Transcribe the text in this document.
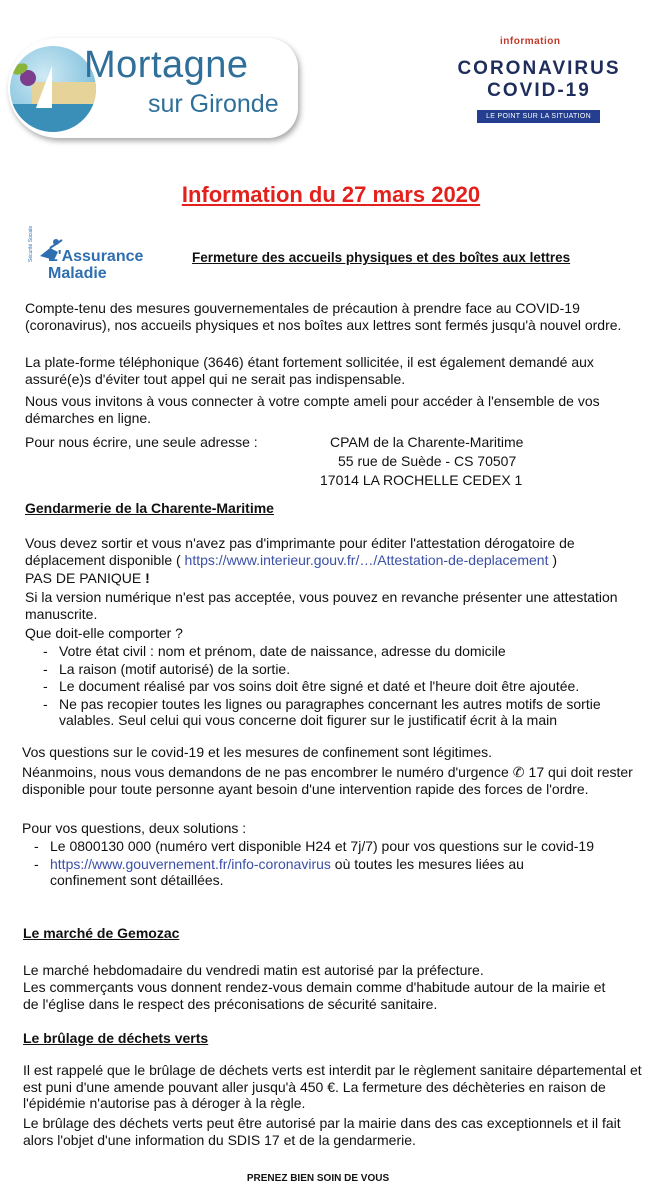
Mortagne
sur Gironde
information
CORONAVIRUS
COVID-19
LE POINT SUR LA SITUATION
Information du 27 mars 2020
L'Assurance
Maladie
Sécurité Sociale	Fermeture des accueils physiques et des boîtes aux lettres
Compte-tenu des mesures gouvernementales de précaution à prendre face au COVID-19 (coronavirus), nos accueils physiques et nos boîtes aux lettres sont fermés jusqu'à nouvel ordre.
La plate-forme téléphonique (3646) étant fortement sollicitée, il est également demandé aux assuré(e)s d'éviter tout appel qui ne serait pas indispensable.
Nous vous invitons à vous connecter à votre compte ameli pour accéder à l'ensemble de vos démarches en ligne.
Pour nous écrire, une seule adresse :	CPAM de la Charente-Maritime
55 rue de Suède - CS 70507
17014 LA ROCHELLE CEDEX 1
Gendarmerie de la Charente-Maritime
Vous devez sortir et vous n'avez pas d'imprimante pour éditer l'attestation dérogatoire de
déplacement disponible ( https://www.interieur.gouv.fr/…/Attestation-de-deplacement )
PAS DE PANIQUE !
Si la version numérique n'est pas acceptée, vous pouvez en revanche présenter une attestation manuscrite.
Que doit-elle comporter ?
- Votre état civil : nom et prénom, date de naissance, adresse du domicile
- La raison (motif autorisé) de la sortie.
- Le document réalisé par vos soins doit être signé et daté et l'heure doit être ajoutée.
- Ne pas recopier toutes les lignes ou paragraphes concernant les autres motifs de sortie valables. Seul celui qui vous concerne doit figurer sur le justificatif écrit à la main
Vos questions sur le covid-19 et les mesures de confinement sont légitimes.
Néanmoins, nous vous demandons de ne pas encombrer le numéro d'urgence ✆ 17 qui doit rester disponible pour toute personne ayant besoin d'une intervention rapide des forces de l'ordre.
Pour vos questions, deux solutions :
- Le 0800130 000 (numéro vert disponible H24 et 7j/7) pour vos questions sur le covid-19
- https://www.gouvernement.fr/info-coronavirus où toutes les mesures liées au confinement sont détaillées.
Le marché de Gemozac
Le marché hebdomadaire du vendredi matin est autorisé par la préfecture.
Les commerçants vous donnent rendez-vous demain comme d'habitude autour de la mairie et de l'église dans le respect des préconisations de sécurité sanitaire.
Le brûlage de déchets verts
Il est rappelé que le brûlage de déchets verts est interdit par le règlement sanitaire départemental et est puni d'une amende pouvant aller jusqu'à 450 €. La fermeture des déchèteries en raison de l'épidémie n'autorise pas à déroger à la règle.
Le brûlage des déchets verts peut être autorisé par la mairie dans des cas exceptionnels et il fait alors l'objet d'une information du SDIS 17 et de la gendarmerie.
PRENEZ BIEN SOIN DE VOUS
